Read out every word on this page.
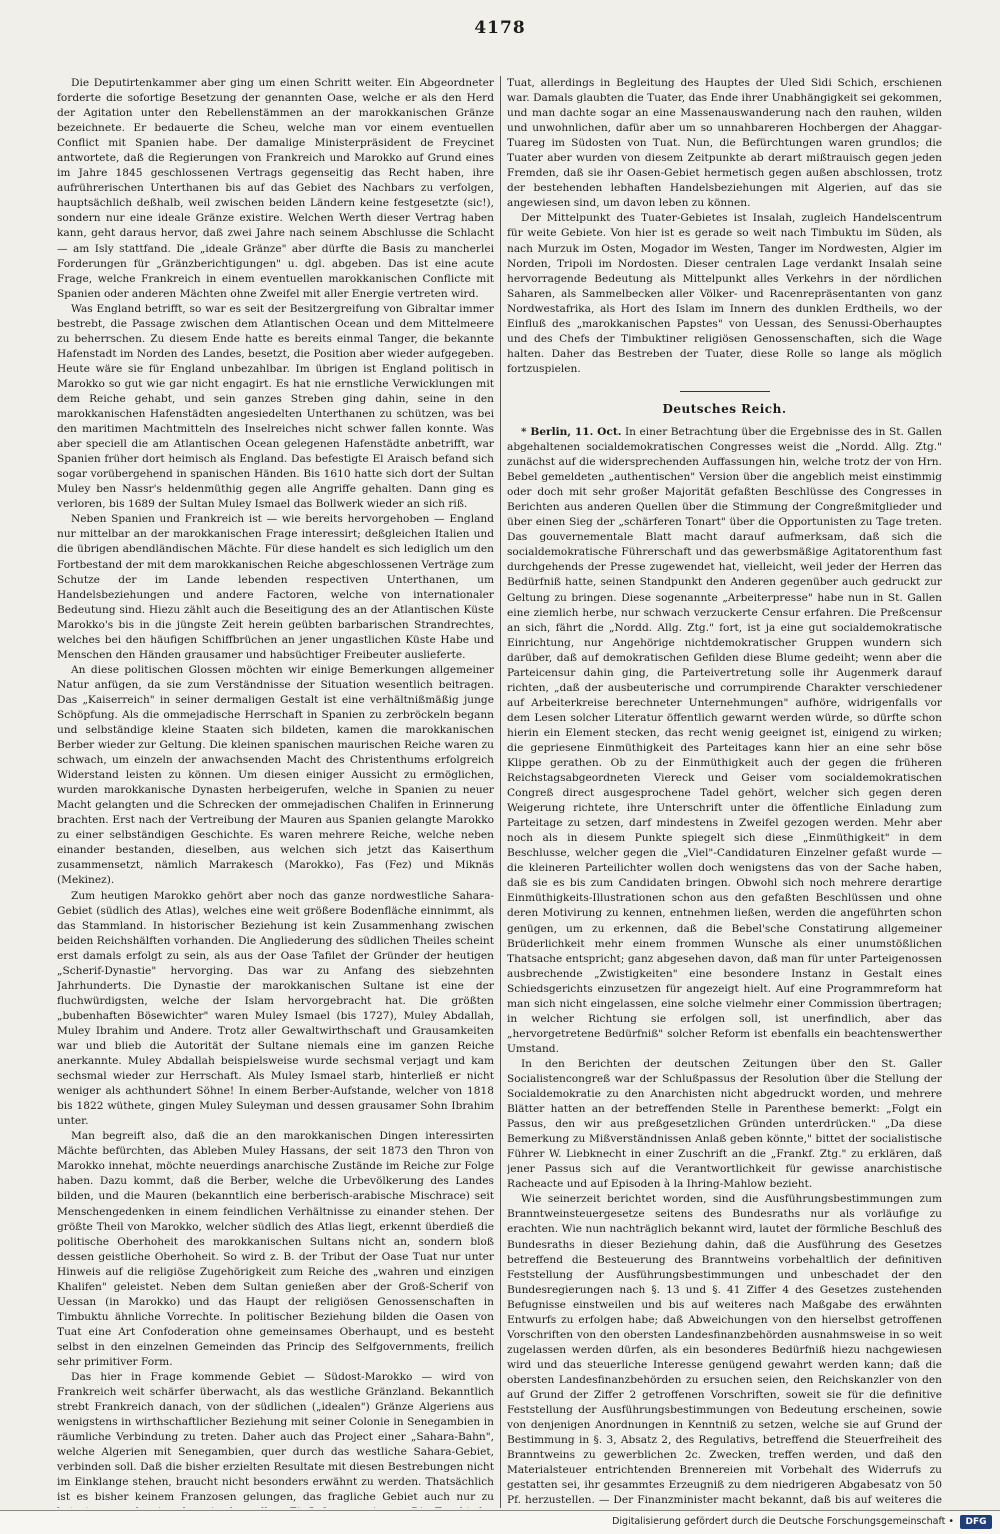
4178

Die Deputirtenkammer aber ging um einen Schritt weiter. Ein Abgeordneter forderte die sofortige Besetzung der genannten Oase, welche er als den Herd der Agitation unter den Rebellenstämmen an der marokkanischen Gränze bezeichnete. Er bedauerte die Scheu, welche man vor einem eventuellen Conflict mit Spanien habe. Der damalige Ministerpräsident de Freycinet antwortete, daß die Regierungen von Frankreich und Marokko auf Grund eines im Jahre 1845 geschlossenen Vertrags gegenseitig das Recht haben, ihre aufrührerischen Unterthanen bis auf das Gebiet des Nachbars zu verfolgen, hauptsächlich deßhalb, weil zwischen beiden Ländern keine festgesetzte (sic!), sondern nur eine ideale Gränze existire. Welchen Werth dieser Vertrag haben kann, geht daraus hervor, daß zwei Jahre nach seinem Abschlusse die Schlacht — am Isly stattfand. Die „ideale Gränze" aber dürfte die Basis zu mancherlei Forderungen für „Gränzberichtigungen" u. dgl. abgeben. Das ist eine acute Frage, welche Frankreich in einem eventuellen marokkanischen Conflicte mit Spanien oder anderen Mächten ohne Zweifel mit aller Energie vertreten wird.

Was England betrifft, so war es seit der Besitzergreifung von Gibraltar immer bestrebt, die Passage zwischen dem Atlantischen Ocean und dem Mittelmeere zu beherrschen. Zu diesem Ende hatte es bereits einmal Tanger, die bekannte Hafenstadt im Norden des Landes, besetzt, die Position aber wieder aufgegeben. Heute wäre sie für England unbezahlbar. Im übrigen ist England politisch in Marokko so gut wie gar nicht engagirt. Es hat nie ernstliche Verwicklungen mit dem Reiche gehabt, und sein ganzes Streben ging dahin, seine in den marokkanischen Hafenstädten angesiedelten Unterthanen zu schützen, was bei den maritimen Machtmitteln des Inselreiches nicht schwer fallen konnte. Was aber speciell die am Atlantischen Ocean gelegenen Hafenstädte anbetrifft, war Spanien früher dort heimisch als England. Das befestigte El Araisch befand sich sogar vorübergehend in spanischen Händen. Bis 1610 hatte sich dort der Sultan Muley ben Nassr's heldenmüthig gegen alle Angriffe gehalten. Dann ging es verloren, bis 1689 der Sultan Muley Ismael das Bollwerk wieder an sich riß.

Neben Spanien und Frankreich ist — wie bereits hervorgehoben — England nur mittelbar an der marokkanischen Frage interessirt; deßgleichen Italien und die übrigen abendländischen Mächte. Für diese handelt es sich lediglich um den Fortbestand der mit dem marokkanischen Reiche abgeschlossenen Verträge zum Schutze der im Lande lebenden respectiven Unterthanen, um Handelsbeziehungen und andere Factoren, welche von internationaler Bedeutung sind. Hiezu zählt auch die Beseitigung des an der Atlantischen Küste Marokko's bis in die jüngste Zeit herein geübten barbarischen Strandrechtes, welches bei den häufigen Schiffbrüchen an jener ungastlichen Küste Habe und Menschen den Händen grausamer und habsüchtiger Freibeuter auslieferte.

An diese politischen Glossen möchten wir einige Bemerkungen allgemeiner Natur anfügen, da sie zum Verständnisse der Situation wesentlich beitragen. Das „Kaiserreich" in seiner dermaligen Gestalt ist eine verhältnißmäßig junge Schöpfung. Als die ommejadische Herrschaft in Spanien zu zerbröckeln begann und selbständige kleine Staaten sich bildeten, kamen die marokkanischen Berber wieder zur Geltung. Die kleinen spanischen maurischen Reiche waren zu schwach, um einzeln der anwachsenden Macht des Christenthums erfolgreich Widerstand leisten zu können. Um diesen einiger Aussicht zu ermöglichen, wurden marokkanische Dynasten herbeigerufen, welche in Spanien zu neuer Macht gelangten und die Schrecken der ommejadischen Chalifen in Erinnerung brachten. Erst nach der Vertreibung der Mauren aus Spanien gelangte Marokko zu einer selbständigen Geschichte. Es waren mehrere Reiche, welche neben einander bestanden, dieselben, aus welchen sich jetzt das Kaiserthum zusammensetzt, nämlich Marrakesch (Marokko), Fas (Fez) und Miknäs (Mekinez).

Zum heutigen Marokko gehört aber noch das ganze nordwestliche Sahara-Gebiet (südlich des Atlas), welches eine weit größere Bodenfläche einnimmt, als das Stammland. In historischer Beziehung ist kein Zusammenhang zwischen beiden Reichshälften vorhanden. Die Angliederung des südlichen Theiles scheint erst damals erfolgt zu sein, als aus der Oase Tafilet der Gründer der heutigen „Scherif-Dynastie" hervorging. Das war zu Anfang des siebzehnten Jahrhunderts. Die Dynastie der marokkanischen Sultane ist eine der fluchwürdigsten, welche der Islam hervorgebracht hat. Die größten „bubenhaften Bösewichter" waren Muley Ismael (bis 1727), Muley Abdallah, Muley Ibrahim und Andere. Trotz aller Gewaltwirthschaft und Grausamkeiten war und blieb die Autorität der Sultane niemals eine im ganzen Reiche anerkannte. Muley Abdallah beispielsweise wurde sechsmal verjagt und kam sechsmal wieder zur Herrschaft. Als Muley Ismael starb, hinterließ er nicht weniger als achthundert Söhne! In einem Berber-Aufstande, welcher von 1818 bis 1822 wüthete, gingen Muley Suleyman und dessen grausamer Sohn Ibrahim unter.

Man begreift also, daß die an den marokkanischen Dingen interessirten Mächte befürchten, das Ableben Muley Hassans, der seit 1873 den Thron von Marokko innehat, möchte neuerdings anarchische Zustände im Reiche zur Folge haben. Dazu kommt, daß die Berber, welche die Urbevölkerung des Landes bilden, und die Mauren (bekanntlich eine berberisch-arabische Mischrace) seit Menschengedenken in einem feindlichen Verhältnisse zu einander stehen. Der größte Theil von Marokko, welcher südlich des Atlas liegt, erkennt überdieß die politische Oberhoheit des marokkanischen Sultans nicht an, sondern bloß dessen geistliche Oberhoheit. So wird z. B. der Tribut der Oase Tuat nur unter Hinweis auf die religiöse Zugehörigkeit zum Reiche des „wahren und einzigen Khalifen" geleistet. Neben dem Sultan genießen aber der Groß-Scherif von Uessan (in Marokko) und das Haupt der religiösen Genossenschaften in Timbuktu ähnliche Vorrechte. In politischer Beziehung bilden die Oasen von Tuat eine Art Confoderation ohne gemeinsames Oberhaupt, und es besteht selbst in den einzelnen Gemeinden das Princip des Selfgovernments, freilich sehr primitiver Form.

Das hier in Frage kommende Gebiet — Südost-Marokko — wird von Frankreich weit schärfer überwacht, als das westliche Gränzland. Bekanntlich strebt Frankreich danach, von der südlichen („idealen") Gränze Algeriens aus wenigstens in wirthschaftlicher Beziehung mit seiner Colonie in Senegambien in räumliche Verbindung zu treten. Daher auch das Project einer „Sahara-Bahn", welche Algerien mit Senegambien, quer durch das westliche Sahara-Gebiet, verbinden soll. Daß die bisher erzielten Resultate mit diesen Bestrebungen nicht im Einklange stehen, braucht nicht besonders erwähnt zu werden. Thatsächlich ist es bisher keinem Franzosen gelungen, das fragliche Gebiet auch nur zu

Tuat, allerdings in Begleitung des Hauptes der Uled Sidi Schich, erschienen war. Damals glaubten die Tuater, das Ende ihrer Unabhängigkeit sei gekommen, und man dachte sogar an eine Massenauswanderung nach den rauhen, wilden und unwohnlichen, dafür aber um so unnahbareren Hochbergen der Ahaggar-Tuareg im Südosten von Tuat. Nun, die Befürchtungen waren grundlos; die Tuater aber wurden von diesem Zeitpunkte ab derart mißtrauisch gegen jeden Fremden, daß sie ihr Oasen-Gebiet hermetisch gegen außen abschlossen, trotz der bestehenden lebhaften Handelsbeziehungen mit Algerien, auf das sie angewiesen sind, um davon leben zu können.

Der Mittelpunkt des Tuater-Gebietes ist Insalah, zugleich Handelscentrum für weite Gebiete. Von hier ist es gerade so weit nach Timbuktu im Süden, als nach Murzuk im Osten, Mogador im Westen, Tanger im Nordwesten, Algier im Norden, Tripoli im Nordosten. Dieser centralen Lage verdankt Insalah seine hervorragende Bedeutung als Mittelpunkt alles Verkehrs in der nördlichen Saharen, als Sammelbecken aller Völker- und Racenrepräsentanten von ganz Nordwestafrika, als Hort des Islam im Innern des dunklen Erdtheils, wo der Einfluß des „marokkanischen Papstes" von Uessan, des Senussi-Oberhauptes und des Chefs der Timbuktiner religiösen Genossenschaften, sich die Wage halten. Daher das Bestreben der Tuater, diese Rolle so lange als möglich fortzuspielen.

Deutsches Reich.

* Berlin, 11. Oct. In einer Betrachtung über die Ergebnisse des in St. Gallen abgehaltenen socialdemokratischen Congresses weist die „Nordd. Allg. Ztg." zunächst auf die widersprechenden Auffassungen hin, welche trotz der von Hrn. Bebel gemeldeten „authentischen" Version über die angeblich meist einstimmig oder doch mit sehr großer Majorität gefaßten Beschlüsse des Congresses in Berichten aus anderen Quellen über die Stimmung der Congreßmitglieder und über einen Sieg der „schärferen Tonart" über die Opportunisten zu Tage treten. Das gouvernementale Blatt macht darauf aufmerksam, daß sich die socialdemokratische Führerschaft und das gewerbsmäßige Agitatorenthum fast durchgehends der Presse zugewendet hat, vielleicht, weil jeder der Herren das Bedürfniß hatte, seinen Standpunkt den Anderen gegenüber auch gedruckt zur Geltung zu bringen. Diese sogenannte „Arbeiterpresse" habe nun in St. Gallen eine ziemlich herbe, nur schwach verzuckerte Censur erfahren. Die Preßcensur an sich, fährt die „Nordd. Allg. Ztg." fort, ist ja eine gut socialdemokratische Einrichtung, nur Angehörige nichtdemokratischer Gruppen wundern sich darüber, daß auf demokratischen Gefilden diese Blume gedeiht; wenn aber die Parteicensur dahin ging, die Parteivertretung solle ihr Augenmerk darauf richten, „daß der ausbeuterische und corrumpirende Charakter verschiedener auf Arbeiterkreise berechneter Unternehmungen" aufhöre, widrigenfalls vor dem Lesen solcher Literatur öffentlich gewarnt werden würde, so dürfte schon hierin ein Element stecken, das recht wenig geeignet ist, einigend zu wirken; die gepriesene Einmüthigkeit des Parteitages kann hier an eine sehr böse Klippe gerathen. Ob zu der Einmüthigkeit auch der gegen die früheren Reichstagsabgeordneten Viereck und Geiser vom socialdemokratischen Congreß direct ausgesprochene Tadel gehört, welcher sich gegen deren Weigerung richtete, ihre Unterschrift unter die öffentliche Einladung zum Parteitage zu setzen, darf mindestens in Zweifel gezogen werden. Mehr aber noch als in diesem Punkte spiegelt sich diese „Einmüthigkeit" in dem Beschlusse, welcher gegen die „Viel"-Candidaturen Einzelner gefaßt wurde — die kleineren Parteilichter wollen doch wenigstens das von der Sache haben, daß sie es bis zum Candidaten bringen. Obwohl sich noch mehrere derartige Einmüthigkeits-Illustrationen schon aus den gefaßten Beschlüssen und ohne deren Motivirung zu kennen, entnehmen ließen, werden die angeführten schon genügen, um zu erkennen, daß die Bebel'sche Constatirung allgemeiner Brüderlichkeit mehr einem frommen Wunsche als einer unumstößlichen Thatsache entspricht; ganz abgesehen davon, daß man für unter Parteigenossen ausbrechende „Zwistigkeiten" eine besondere Instanz in Gestalt eines Schiedsgerichts einzusetzen für angezeigt hielt. Auf eine Programmreform hat man sich nicht eingelassen, eine solche vielmehr einer Commission übertragen; in welcher Richtung sie erfolgen soll, ist unerfindlich, aber das „hervorgetretene Bedürfniß" solcher Reform ist ebenfalls ein beachtenswerther Umstand.

In den Berichten der deutschen Zeitungen über den St. Galler Socialistencongreß war der Schlußpassus der Resolution über die Stellung der Socialdemokratie zu den Anarchisten nicht abgedruckt worden, und mehrere Blätter hatten an der betreffenden Stelle in Parenthese bemerkt: „Folgt ein Passus, den wir aus preßgesetzlichen Gründen unterdrücken." „Da diese Bemerkung zu Mißverständnissen Anlaß geben könnte," bittet der socialistische Führer W. Liebknecht in einer Zuschrift an die „Frankf. Ztg." zu erklären, daß jener Passus sich auf die Verantwortlichkeit für gewisse anarchistische Racheacte und auf Episoden à la Ihring-Mahlow bezieht.

Wie seinerzeit berichtet worden, sind die Ausführungsbestimmungen zum Branntweinsteuergesetze seitens des Bundesraths nur als vorläufige zu erachten. Wie nun nachträglich bekannt wird, lautet der förmliche Beschluß des Bundesraths in dieser Beziehung dahin, daß die Ausführung des Gesetzes betreffend die Besteuerung des Branntweins vorbehaltlich der definitiven Feststellung der Ausführungsbestimmungen und unbeschadet der den Bundesregierungen nach §. 13 und §. 41 Ziffer 4 des Gesetzes zustehenden Befugnisse einstweilen und bis auf weiteres nach Maßgabe des erwähnten Entwurfs zu erfolgen habe; daß Abweichungen von den hierselbst getroffenen Vorschriften von den obersten Landesfinanzbehörden ausnahmsweise in so weit zugelassen werden dürfen, als ein besonderes Bedürfniß hiezu nachgewiesen wird und das steuerliche Interesse genügend gewahrt werden kann; daß die obersten Landesfinanzbehörden zu ersuchen seien, den Reichskanzler von den auf Grund der Ziffer 2 getroffenen Vorschriften, soweit sie für die definitive Feststellung der Ausführungsbestimmungen von Bedeutung erscheinen, sowie von denjenigen Anordnungen in Kenntniß zu setzen, welche sie auf Grund der Bestimmung in §. 3, Absatz 2, des Regulativs, betreffend die Steuerfreiheit des Branntweins zu gewerblichen 2c. Zwecken, treffen werden, und daß den Materialsteuer entrichtenden Brennereien mit Vorbehalt des Widerrufs zu gestatten sei, ihr gesammtes Erzeugniß zu dem niedrigeren Abgabesatz von 50 Pf. herzustellen. — Der Finanzminister macht bekannt, daß bis auf weiteres die

Digitalisierung gefördert durch die Deutsche Forschungsgemeinschaft •	DFG
